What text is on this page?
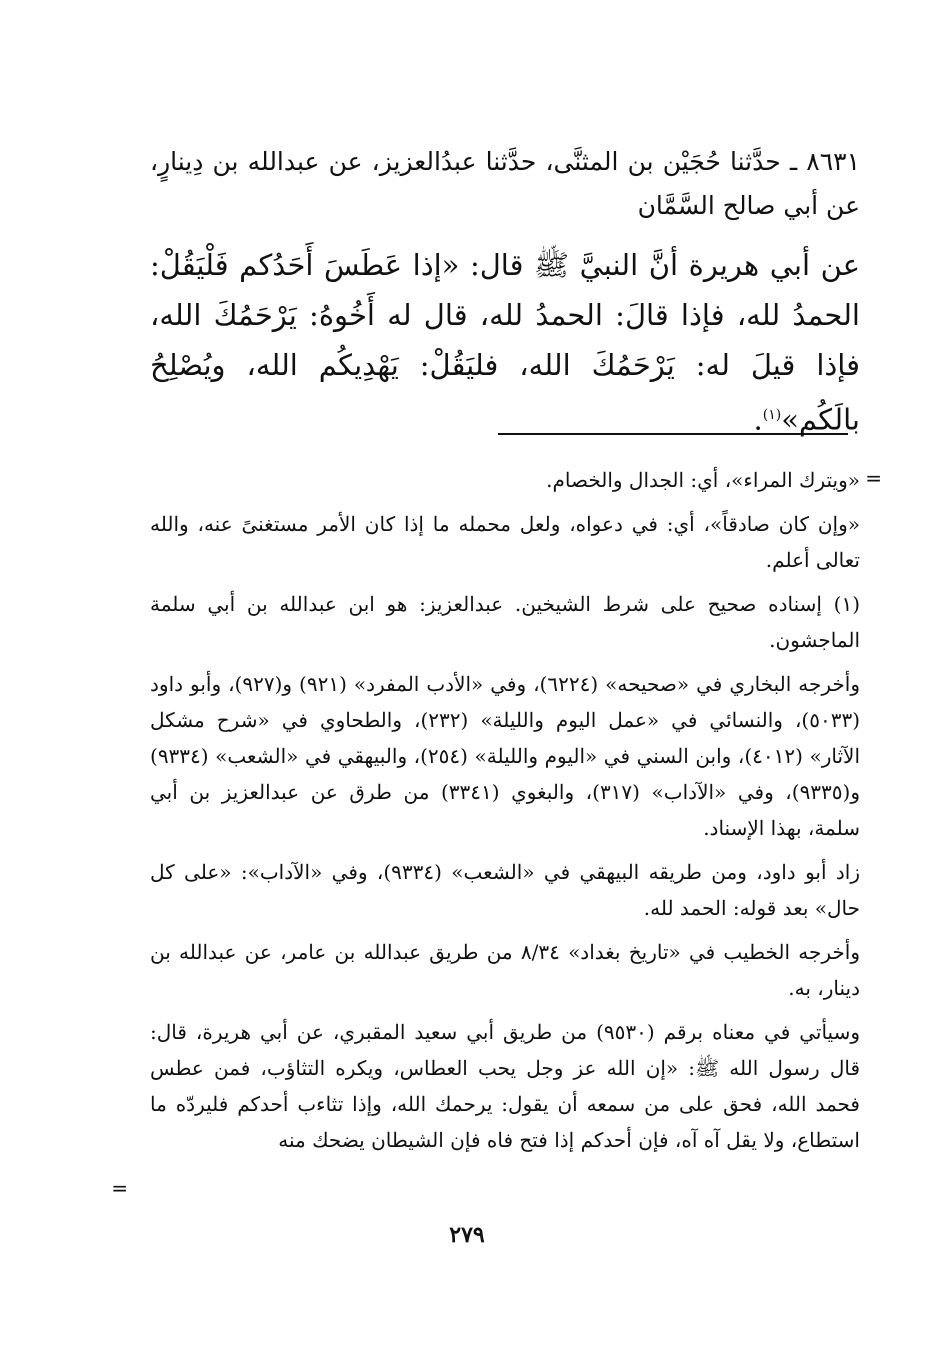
٨٦٣١ ـ حدَّثنا حُجَيْن بن المثنَّى، حدَّثنا عبدُالعزيز، عن عبدالله بن دِينارٍ، عن أبي صالح السَّمَّان

عن أبي هريرة أنَّ النبيَّ ﷺ قال: «إذا عَطَسَ أَحَدُكم فَلْيَقُلْ: الحمدُ لله، فإذا قالَ: الحمدُ لله، قال له أَخُوهُ: يَرْحَمُكَ الله، فإذا قيلَ له: يَرْحَمُكَ الله، فليَقُلْ: يَهْدِيكُم الله، ويُصْلِحُ بالَكُم»$^{(١)}$.

=

«ويترك المراء»، أي: الجدال والخصام.

«وإن كان صادقاً»، أي: في دعواه، ولعل محمله ما إذا كان الأمر مستغنىً عنه، والله تعالى أعلم.

(١) إسناده صحيح على شرط الشيخين. عبدالعزيز: هو ابن عبدالله بن أبي سلمة الماجشون.

وأخرجه البخاري في «صحيحه» (٦٢٢٤)، وفي «الأدب المفرد» (٩٢١) و(٩٢٧)، وأبو داود (٥٠٣٣)، والنسائي في «عمل اليوم والليلة» (٢٣٢)، والطحاوي في «شرح مشكل الآثار» (٤٠١٢)، وابن السني في «اليوم والليلة» (٢٥٤)، والبيهقي في «الشعب» (٩٣٣٤) و(٩٣٣٥)، وفي «الآداب» (٣١٧)، والبغوي (٣٣٤١) من طرق عن عبدالعزيز بن أبي سلمة، بهذا الإسناد.

زاد أبو داود، ومن طريقه البيهقي في «الشعب» (٩٣٣٤)، وفي «الآداب»: «على كل حال» بعد قوله: الحمد لله.

وأخرجه الخطيب في «تاريخ بغداد» ٨/٣٤ من طريق عبدالله بن عامر، عن عبدالله بن دينار، به.

وسيأتي في معناه برقم (٩٥٣٠) من طريق أبي سعيد المقبري، عن أبي هريرة، قال: قال رسول الله ﷺ: «إن الله عز وجل يحب العطاس، ويكره التثاؤب، فمن عطس فحمد الله، فحق على من سمعه أن يقول: يرحمك الله، وإذا تثاءب أحدكم فليردّه ما استطاع، ولا يقل آه آه، فإن أحدكم إذا فتح فاه فإن الشيطان يضحك منه

=
٢٧٩
